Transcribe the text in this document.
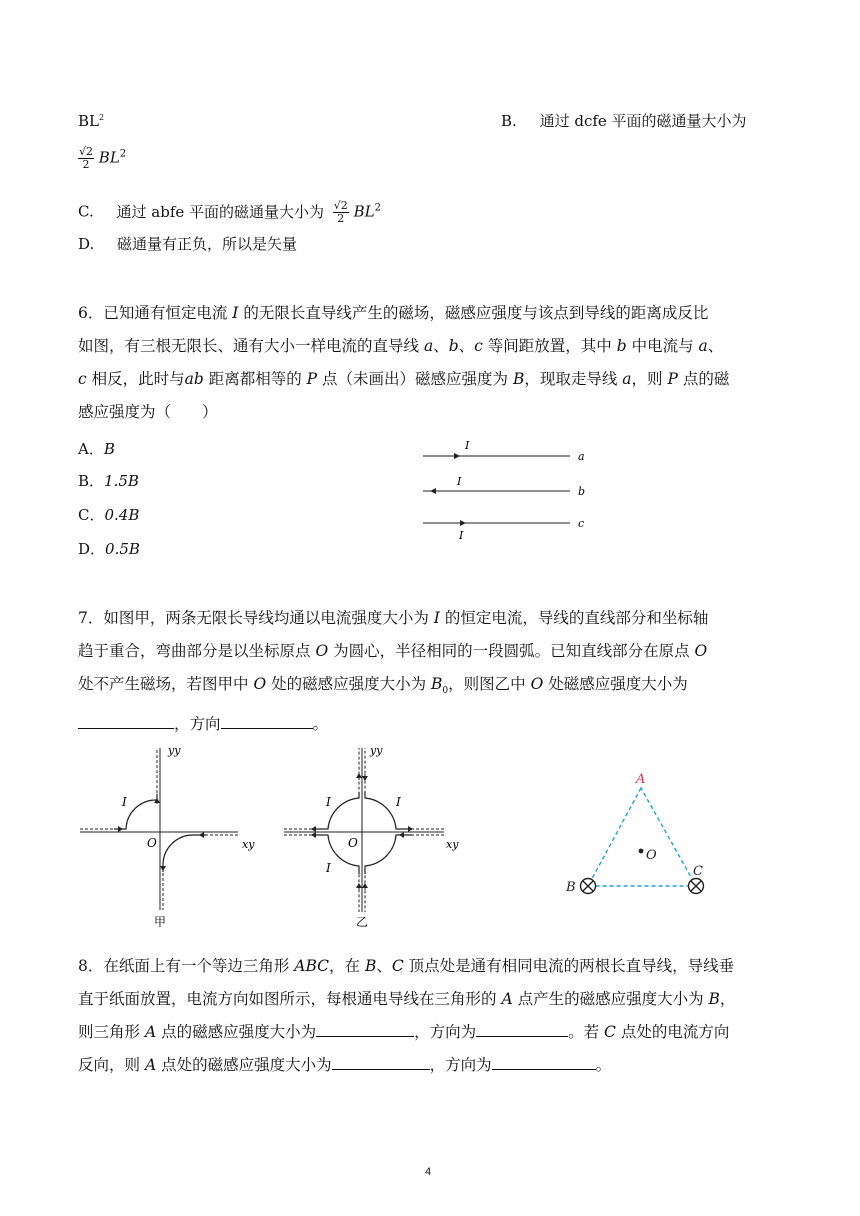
$BL^2$	B. 通过 dcfe 平面的磁通量大小为
$\frac{√2}{2} BL^2$
C. 通过 abfe 平面的磁通量大小为 $\frac{√2}{2} BL^2$
D. 磁通量有正负，所以是矢量
6．已知通有恒定电流 I 的无限长直导线产生的磁场，磁感应强度与该点到导线的距离成反比
如图，有三根无限长、通有大小一样电流的直导线 a、b、c 等间距放置，其中 b 中电流与 a、
c 相反，此时与ab 距离都相等的 P 点（未画出）磁感应强度为 B，现取走导线 a，则 P 点的磁
感应强度为（　　）
A．B
B．1.5B
C．0.4B
D．0.5B
I
a
I
b
I
c
7．如图甲，两条无限长导线均通以电流强度大小为 I 的恒定电流，导线的直线部分和坐标轴
趋于重合，弯曲部分是以坐标原点 O 为圆心，半径相同的一段圆弧。已知直线部分在原点 O
处不产生磁场，若图甲中 O 处的磁感应强度大小为 $B_0$，则图乙中 O 处磁感应强度大小为
，方向	。
yy
xy
O
I
甲
yy
xy
O
I	I
I
乙
A
O
B
C
8．在纸面上有一个等边三角形 ABC，在 B、C 顶点处是通有相同电流的两根长直导线，导线垂
直于纸面放置，电流方向如图所示，每根通电导线在三角形的 A 点产生的磁感应强度大小为 B，
则三角形 A 点的磁感应强度大小为	，方向为	。若 C 点处的电流方向
反向，则 A 点处的磁感应强度大小为	，方向为	。
4
